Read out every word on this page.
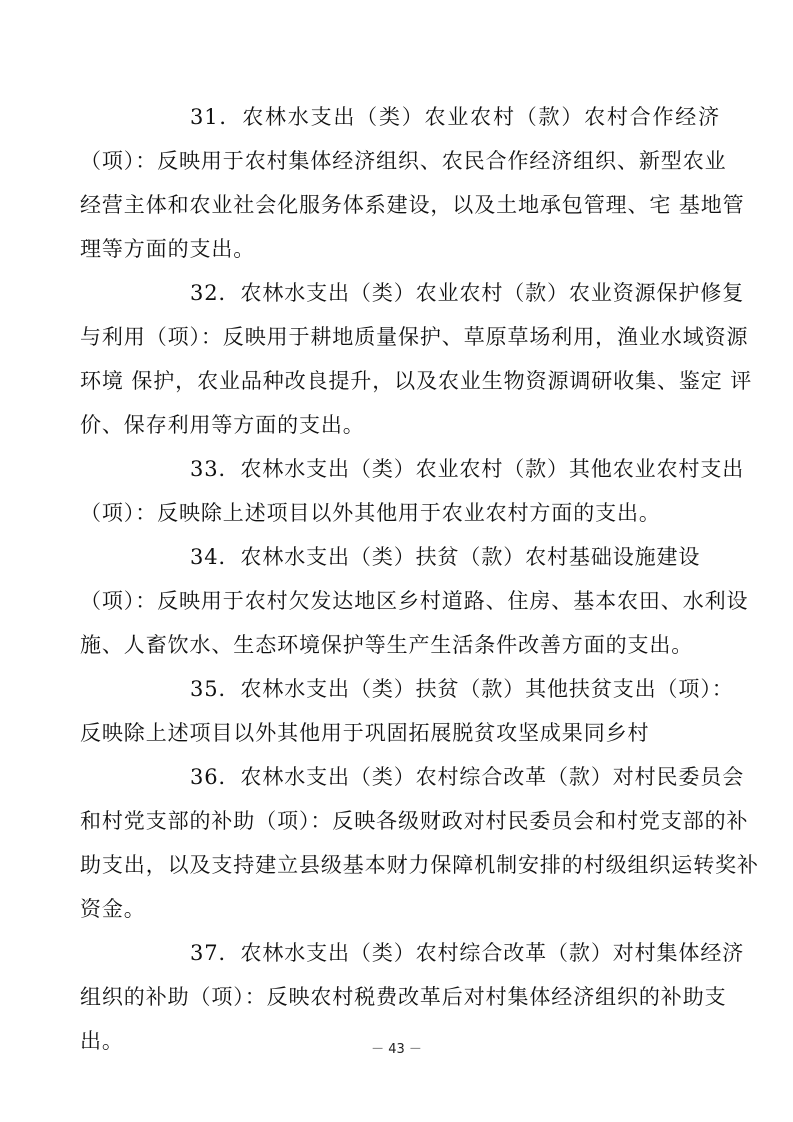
31．农林水支出（类）农业农村（款）农村合作经济
（项）：反映用于农村集体经济组织、农民合作经济组织、新型农业
经营主体和农业社会化服务体系建设，以及土地承包管理、宅 基地管
理等方面的支出。
32．农林水支出（类）农业农村（款）农业资源保护修复
与利用（项）：反映用于耕地质量保护、草原草场利用，渔业水域资源
环境 保护，农业品种改良提升，以及农业生物资源调研收集、鉴定 评
价、保存利用等方面的支出。
33．农林水支出（类）农业农村（款）其他农业农村支出
（项）：反映除上述项目以外其他用于农业农村方面的支出。
34．农林水支出（类）扶贫（款）农村基础设施建设
（项）：反映用于农村欠发达地区乡村道路、住房、基本农田、水利设
施、人畜饮水、生态环境保护等生产生活条件改善方面的支出。
35．农林水支出（类）扶贫（款）其他扶贫支出（项）：
反映除上述项目以外其他用于巩固拓展脱贫攻坚成果同乡村
36．农林水支出（类）农村综合改革（款）对村民委员会
和村党支部的补助（项）：反映各级财政对村民委员会和村党支部的补
助支出，以及支持建立县级基本财力保障机制安排的村级组织运转奖补
资金。
37．农林水支出（类）农村综合改革（款）对村集体经济
组织的补助（项）：反映农村税费改革后对村集体经济组织的补助支
出。	－ 43 －
